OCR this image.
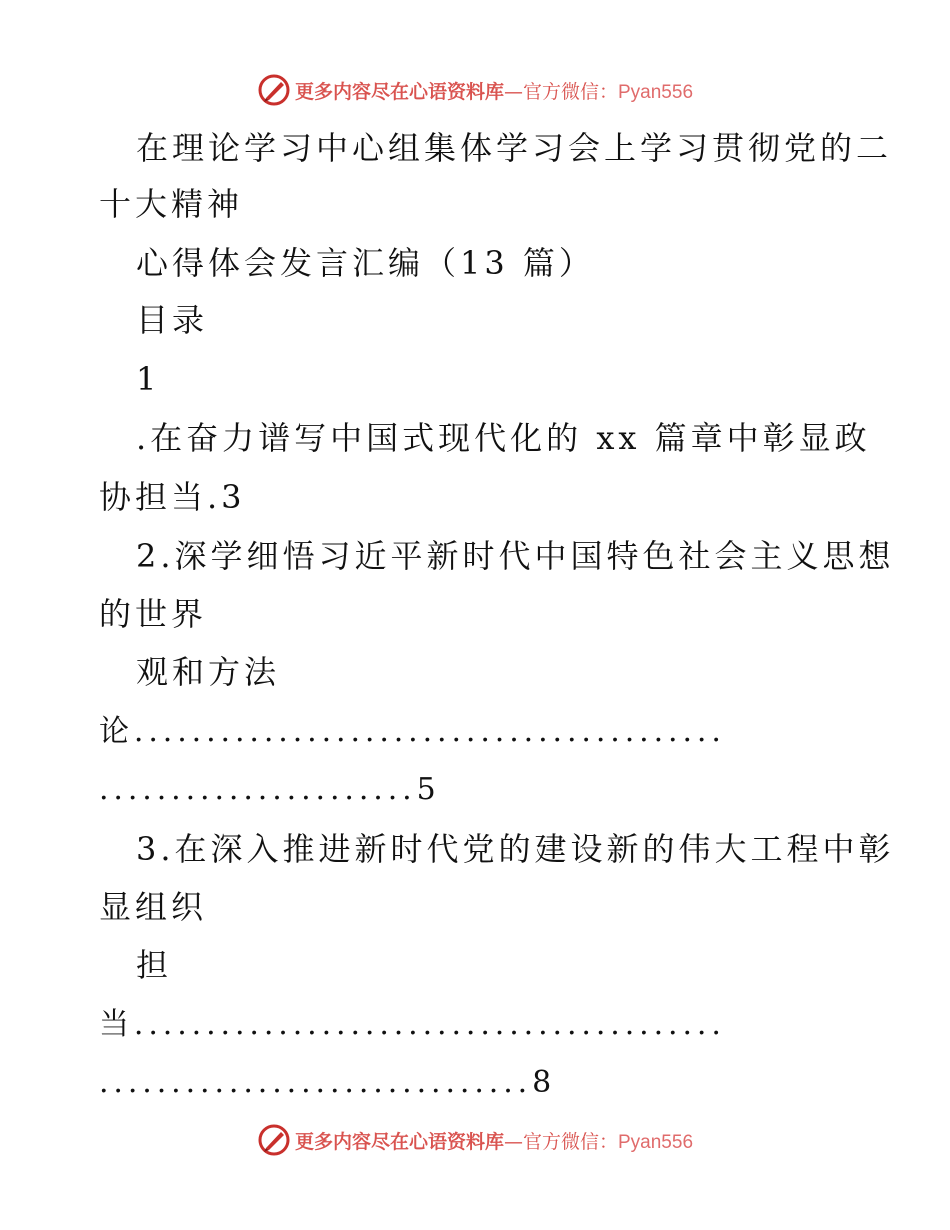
更多内容尽在心语资料库 —官方微信：Pyan556
在理论学习中心组集体学习会上学习贯彻党的二
十大精神
心得体会发言汇编（13 篇）
目录
1
.在奋力谱写中国式现代化的 xx 篇章中彰显政
协担当.3
2.深学细悟习近平新时代中国特色社会主义思想
的世界
观和方法
论.........................................
......................5
3.在深入推进新时代党的建设新的伟大工程中彰
显组织
担
当.........................................
..............................8
更多内容尽在心语资料库 —官方微信：Pyan556
